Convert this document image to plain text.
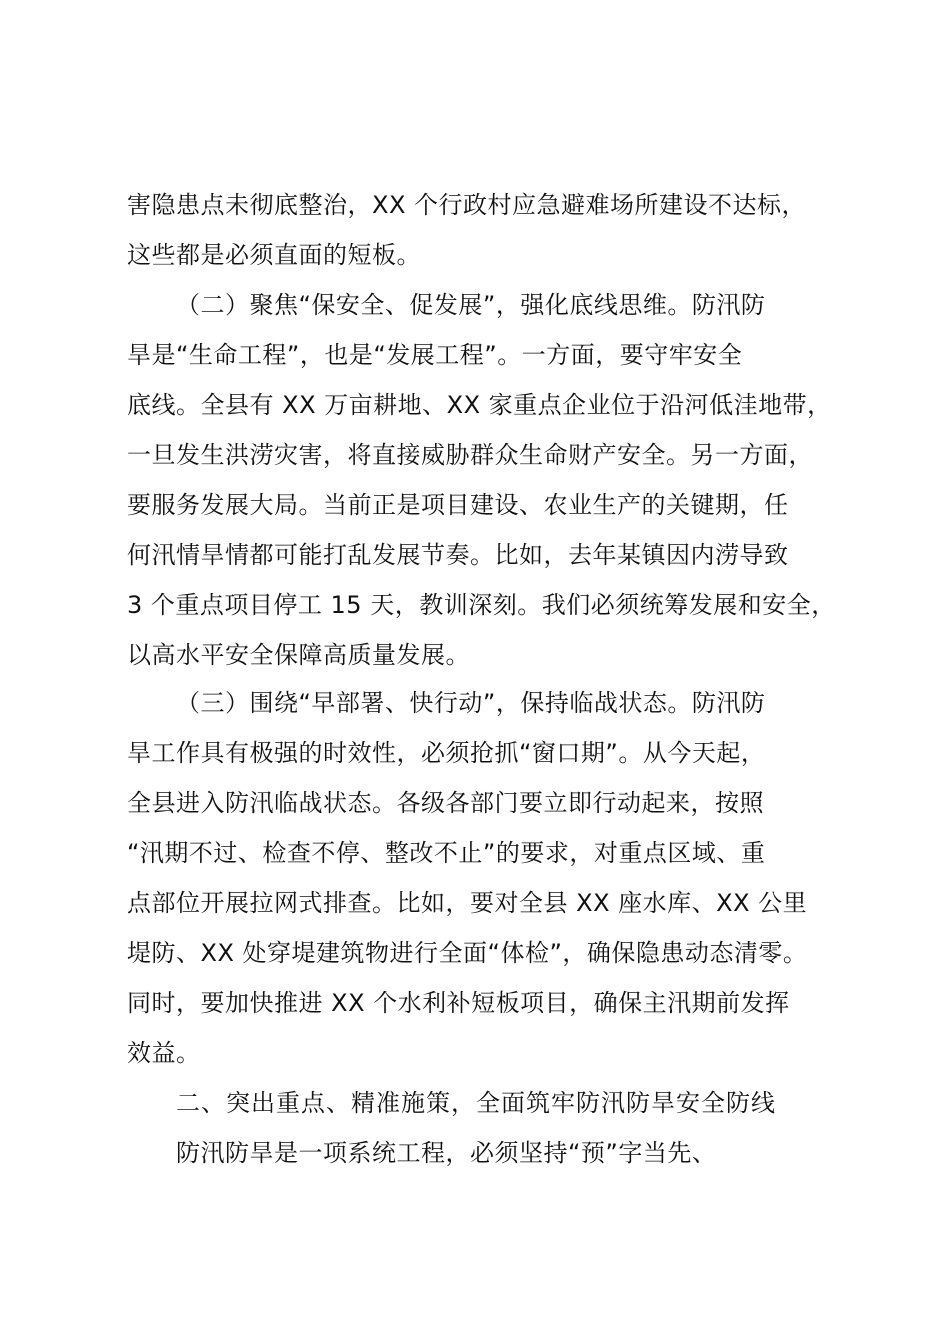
害隐患点未彻底整治，XX 个行政村应急避难场所建设不达标，
这些都是必须直面的短板。
（二）聚焦“保安全、促发展”，强化底线思维。防汛防
旱是“生命工程”，也是“发展工程”。一方面，要守牢安全
底线。全县有 XX 万亩耕地、XX 家重点企业位于沿河低洼地带，
一旦发生洪涝灾害，将直接威胁群众生命财产安全。另一方面，
要服务发展大局。当前正是项目建设、农业生产的关键期，任
何汛情旱情都可能打乱发展节奏。比如，去年某镇因内涝导致
3 个重点项目停工 15 天，教训深刻。我们必须统筹发展和安全，
以高水平安全保障高质量发展。
（三）围绕“早部署、快行动”，保持临战状态。防汛防
旱工作具有极强的时效性，必须抢抓“窗口期”。从今天起，
全县进入防汛临战状态。各级各部门要立即行动起来，按照
“汛期不过、检查不停、整改不止”的要求，对重点区域、重
点部位开展拉网式排查。比如，要对全县 XX 座水库、XX 公里
堤防、XX 处穿堤建筑物进行全面“体检”，确保隐患动态清零。
同时，要加快推进 XX 个水利补短板项目，确保主汛期前发挥
效益。
二、突出重点、精准施策，全面筑牢防汛防旱安全防线
防汛防旱是一项系统工程，必须坚持“预”字当先、
